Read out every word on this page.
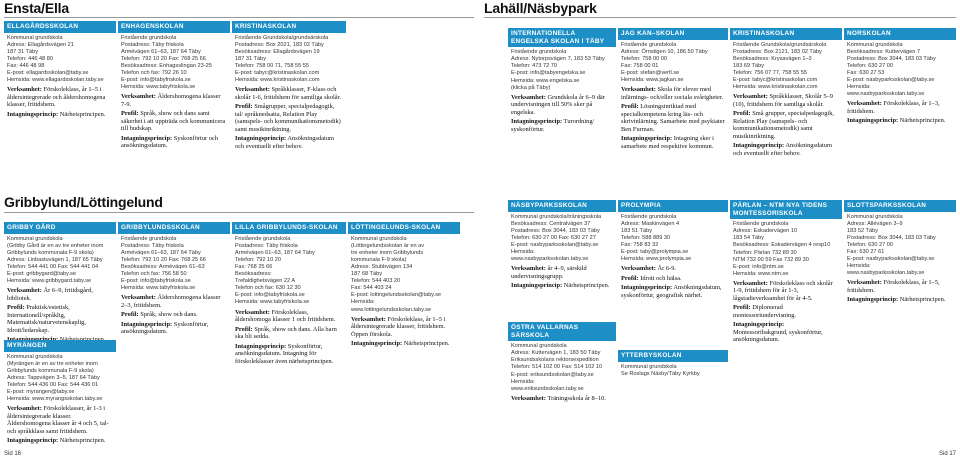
Ensta/Ella
ELLAGÅRDSSKOLAN
Kommunal grundskola
Adress: Ellagårdsvägen 21
187 31 Täby
Telefon: 446 48 80
Fax: 446 48 98
E-post: ellagardsskolan@taby.se
Hemsida: www.ellagardsskolan.taby.se
Verksamhet: Förskoleklass, år 1–5 i åldersintegrerade och åldershomogena klasser, fritidshem.
Intagningsprincip: Närhetsprincipen.
ENHAGENSKOLAN
Fristående grundskola
Postadress: Täby friskola
Arméväqen 61–63, 187 64 Täby
Telefon: 792 10 20 Fax: 768 25 66
Besöksadress: Enhagsslingan 23-25
Telefon och fax: 792 26 10
E-post: info@tabyfriskola.se
Hemsida: www.tabyfriskola.se
Verksamhet: Åldershomogena klasser 7-9.
Profil: Språk, show och dans samt säkerhet i att uppträda och kommunicera till budskap.
Intagningsprincip: Syskonförtur och ansökningsdatum.
KRISTINASKOLAN
Fristående Grundskola/grundsärskola
Postadress: Box 2021, 183 02 Täby
Besöksadress: Ellagårdsvägen 19
187 31 Täby
Telefon: 758 00 71, 758 55 55
E-post: tabyc@kristinaskolan.com
Hemsida: www.kristinaskolan.com
Verksamhet: Språkklasser, F-klass och skolår 1-6, fritidshem för samtliga skolår.
Profil: Smågrupper, specialpedagogik, tal/ språknedsatta, Relation Play (samspels- och kommunikationsmetodik) samt musikinriktning.
Intagningsprincip: Ansökningsdatum och eventuellt efter behov.
Gribbylund/Löttingelund
GRIBBY GÅRD
Kommunal grundskola
(Gribby Gård är en av tre enheter inom
Gribbylunds kommunala F-9 skola)
Adress: Linbastuvägen 1, 187 65 Täby
Telefon: 544 441 00 Fax: 544 441 04
E-post: gribbygard@taby.se
Hemsida: www.gribbygard.taby.se
Verksamhet: År 6–9, fritidsgård, bibliotek.
Profil: Praktisk/estetisk, Internationell/språklig, Matematisk/naturvetenskaplig, Idrott/ledarskap.
MYRÄNGEN
Kommunal grundskola
(Myrängen är en av tre enheter inom
Gribbylunds kommunala F-9 skola)
Adress: Tappvägen 3–5, 187 64 Täby
Telefon: 544 436 00 Fax: 544 436 01
E-post: myrangen@taby.se
Hemsida: www.myrangsskolan.taby.se
Verksamhet: Förskoleklasser, år 1-3 i åldersintegrerade klasser. Åldershomogena klasser år 4 och 5, tal- och språkklass samt fritidshem.
Intagningsprincip: Närhetsprincipen.
GRIBBYLUNDSSKOLAN
Fristående grundskola
Postadress: Täby friskola
Arméväqen 61–63, 187 64 Täby
Telefon: 792 10 20 Fax: 768 25 66
Besöksadress: Arméväqen 61–63
Telefon och fax: 756 58 50
E-post: info@tabyfriskola.se
Hemsida: www.tabyfriskola.se
Verksamhet: Åldershomogena klasser 2–3, fritidshem.
Profil: Språk, show och dans.
Intagningsprincip: Syskonförtur, ansökningsdatum.
LILLA GRIBBYLUNDS-SKOLAN
Fristående grundskola
Postadress: Täby friskola
Arméväqen 61–63, 187 64 Täby
Telefon: 792 10 20
Fax: 768 25 66
Besöksadress:
Trefaldighetsvägen 22 A
Telefon och fax: 630 12 30
E-post: info@tabyfriskola.se
Hemsida: www.tabyfriskola.se
Verksamhet: Förskoleklass, åldershomoga klasser 1 och fritidshem.
Profil: Språk, show och dans. Alla barn ska bli sedda.
Intagningsprincip: Syskonförtur, ansökningsdatum. Intagning för förskoleklasser även närhetsprincipen.
LÖTTINGELUNDS-SKOLAN
Kommunal grundskola
(Löttingelundsskolan är en av
tre enheter inom Gribbylunds
kommunala F-9 skola)
Adress: Stubbvägen 134
187 68 Täby
Telefon: 544 403 20
Fax: 544 403 24
E-post: lottingelundsskolan@taby.se
Hemsida:
www.lottingelundsskolan.taby.se
Verksamhet: Förskoleklass, år 1–5 i åldersintegrerade klasser, fritidshem. Öppen förskola.
Intagningsprincip: Närhetsprincipen.
Sid 16
Lahäll/Näsbypark
INTERNATIONELLA ENGELSKA SKOLAN I TÄBY
Fristående grundskola
Adress: Nytorpsvägen 7, 183 53 Täby
Telefon: 473 72 70
E-post: info@tabyengelska.se
Hemsida: www.engelska.se
(klicka på Täby)
Verksamhet: Grundskola år 6–9 där undervisningen till 50% sker på engelska.
Intagningsprincip: Turordning/ syskonförtur.
JAG KAN–SKOLAN
Fristående grundskola
Adress: Örnstigen 10, 186 50 Täby
Telefon: 758 00 00
Fax: 758 00 01
E-post: stefan@vertl.se
Hemsida: www.jagkan.se
Verksamhet: Skola för elever med inlärnings- och/eller sociala svårigheter.
Profil: Lösningsinriktad med specialkompetens kring läs- och skrivinlärning. Samarbete med psykiater Ben Furman.
Intagningsprincip: Intagning sker i samarbete med respektive kommun.
KRISTINASKOLAN
Fristående Grundskola/grundsärskola
Postadress: Box 2121, 183 02 Täby
Besöksadress: Krysavägen 1–3
183 69 Täby
Telefon: 756 07 77, 758 55 55
E-post: tabyc@kristinaskolan.com
Hemsida: www.kristinaskolan.com
Verksamhet: Språkklasser, Skolår 5–9 (10), fritidshem för samtliga skolår.
Profil: Små grupper, specialpedagogik, Relation Play (samspels- och kommunikationsmetodik) samt musikinriktning.
Intagningsprincip: Ansökningsdatum och eventuellt efter behov.
NORSKOLAN
Kommunal grundskola
Besöksadress: Kuttervägen 7
Postadress: Box 3044, 183 03 Täby
Telefon: 630 27 00
Fax: 630 27 53
E-post: nasbyparksskolan@taby.se
Hemsida:
www.nasbyparksskolan.taby.se
Verksamhet: Förskoleklass, år 1–3, fritidshem.
Intagningsprincip: Närhetsprincipen.
NÄSBYPARKSSKOLAN
Kommunal grundskola/träningsskola
Besöksadress: Centralvägen 37
Postadress: Box 3044, 183 03 Täby
Telefon: 630 27 00 Fax: 630 27 27
E-post: nasbyparksskolan@taby.se
Hemsida:
www.nasbyparksskolan.taby.se
Verksamhet: år 4–9, särskild undervisningsgrupp.
Intagningsprincip: Närhetsprincipen.
ÖSTRA VALLARNAS SÄRSKOLA
Kommunal grundskola
Adress: Kuttervägen 1, 183 50 Täby
Eriksundsskolans rektorsexpedition
Telefon: 514 102 00 Fax: 514 102 10
E-post: eriksundsskolan@taby.se
Hemsida:
www.eriksundsskolan.taby.se
Verksamhet: Träningsskola år 8–10.
PROLYMPIA
Fristående grundskola
Adress: Maskinvägen 4
183 51 Täby
Telefon: 588 889 30
Fax: 758 83 32
E-post: taby@prolympia.se
Hemsida: www.prolympia.se
Verksamhet: År 6-9.
Profil: Idrott och hälsa.
Intagningsprincip: Ansökningsdatum, syskonförtur, geografisk närhet.
YTTERBYSKOLAN
Kommunal grundskola
Se Roslags Näsby/Täby Kyrkby
PÄRLAN – NTM NYA TIDENS MONTESSORISKOLA
Fristående grundskola
Adress: Eskadervägen 10
183 54 Täby
Besöksadress: Eskadervägen 4 resp10
Telefon: Pärlan 732 89 30
NTM 732 00 59 Fax 732 89 30
E-post: info@ntm.se
Hemsida: www.ntm.se
Verksamhet: Förskoleklass och skolår 1-9, fritidshem för år 1-3, lågstadieverksamhet för år 4-5.
Profil: Diplomerad montessoriundervisning.
Intagningsprincip: Montessoribakgrund, syskonförtur, ansökningsdatum.
SLOTTSPARKSSKOLAN
Kommunal grundskola
Adress: Allévägen 3–9
183 52 Täby
Postadress: Box 3044, 183 03 Täby
Telefon: 630 27 00
Fax: 630 27 61
E-post: nasbyparksskolan@taby.se
Hemsida:
www.nasbyparksskolan.taby.se
Verksamhet: Förskoleklass, år 1–5, fritidshem.
Intagningsprincip: Närhetsprincipen.
Sid 17
